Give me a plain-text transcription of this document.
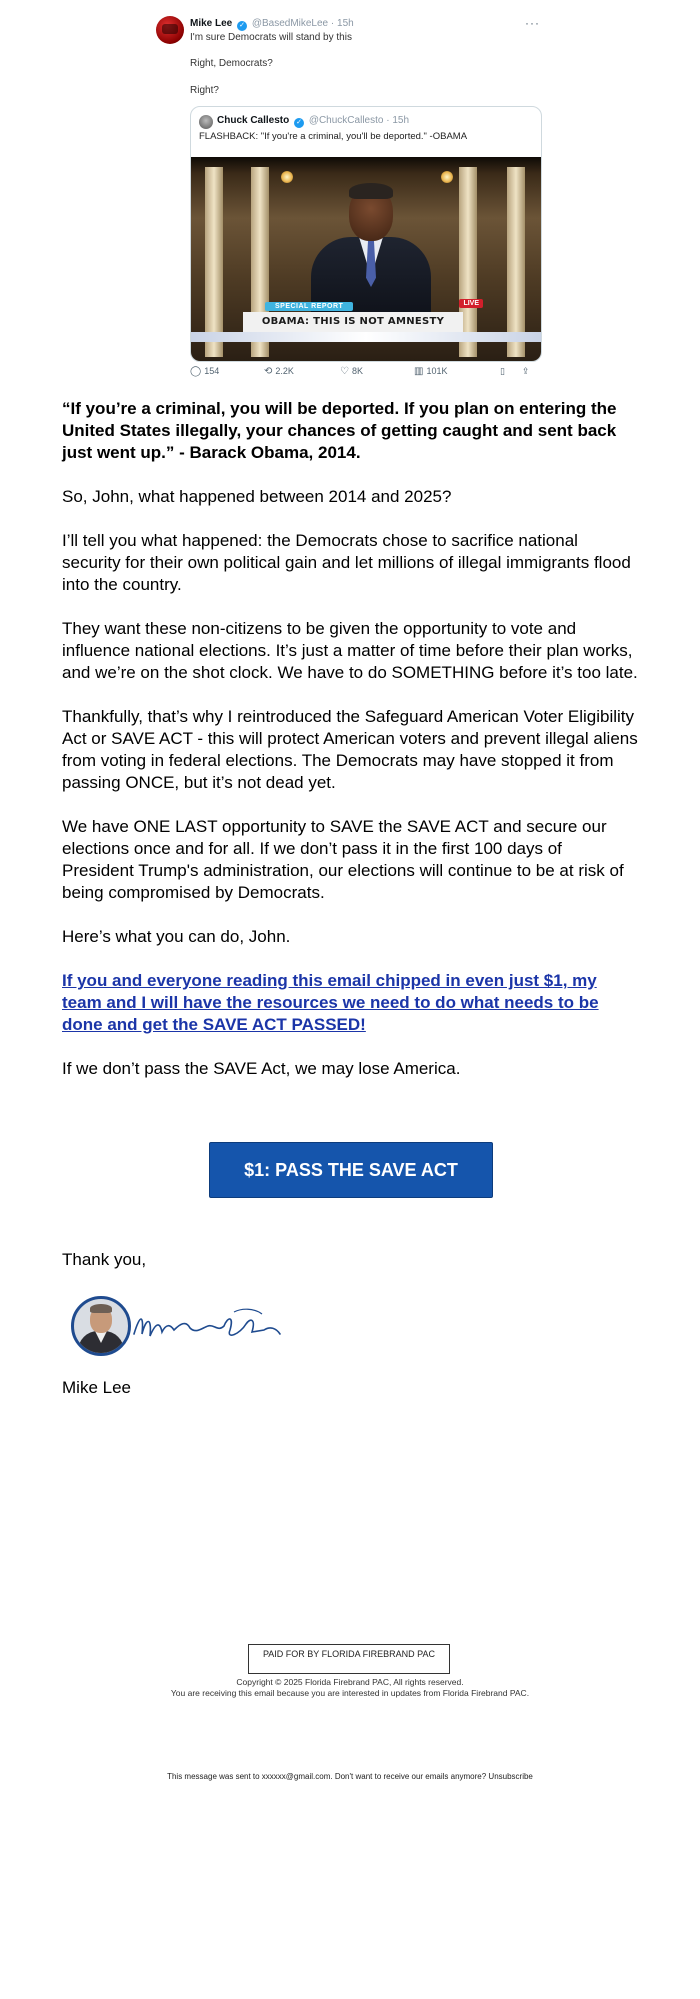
Mike Lee ✓ @BasedMikeLee · 15h	···
I'm sure Democrats will stand by this
Right, Democrats?
Right?
Chuck Callesto ✓ @ChuckCallesto · 15h
FLASHBACK: "If you're a criminal, you'll be deported." -OBAMA
LIVE
SPECIAL REPORT
OBAMA: THIS IS NOT AMNESTY
◯ 154	⟲ 2.2K	♡ 8K	▥ 101K	▯ ⇪

“If you’re a criminal, you will be deported. If you plan on entering the United States illegally, your chances of getting caught and sent back just went up.” - Barack Obama, 2014.

So, John, what happened between 2014 and 2025?

I’ll tell you what happened: the Democrats chose to sacrifice national security for their own political gain and let millions of illegal immigrants flood into the country.

They want these non-citizens to be given the opportunity to vote and influence national elections. It’s just a matter of time before their plan works, and we’re on the shot clock. We have to do SOMETHING before it’s too late.

Thankfully, that’s why I reintroduced the Safeguard American Voter Eligibility Act or SAVE ACT - this will protect American voters and prevent illegal aliens from voting in federal elections. The Democrats may have stopped it from passing ONCE, but it’s not dead yet.

We have ONE LAST opportunity to SAVE the SAVE ACT and secure our elections once and for all. If we don’t pass it in the first 100 days of President Trump's administration, our elections will continue to be at risk of being compromised by Democrats.

Here’s what you can do, John.

If you and everyone reading this email chipped in even just $1, my team and I will have the resources we need to do what needs to be done and get the SAVE ACT PASSED!

If we don’t pass the SAVE Act, we may lose America.

$1: PASS THE SAVE ACT
Thank you,
Mike Lee
PAID FOR BY FLORIDA FIREBRAND PAC
Copyright © 2025 Florida Firebrand PAC, All rights reserved.
You are receiving this email because you are interested in updates from Florida Firebrand PAC.
This message was sent to xxxxxx@gmail.com. Don't want to receive our emails anymore? Unsubscribe
